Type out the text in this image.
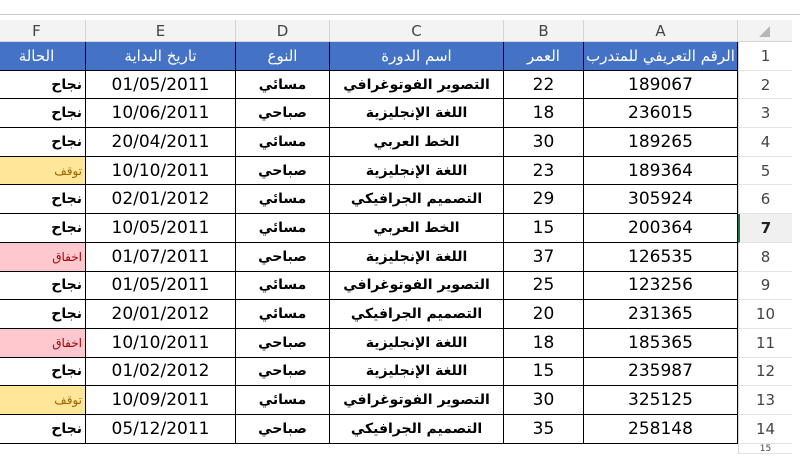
F	E	D	C	B	A
الحالة	تاريخ البداية	النوع	اسم الدورة	العمر	الرقم التعريفي للمتدرب	1
نجاح	01/05/2011	مسائي	التصوير الفوتوغرافي	22	189067	2
نجاح	10/06/2011	صباحي	اللغة الإنجليزية	18	236015	3
نجاح	20/04/2011	مسائي	الخط العربي	30	189265	4
توقف	10/10/2011	صباحي	اللغة الإنجليزية	23	189364	5
نجاح	02/01/2012	مسائي	التصميم الجرافيكي	29	305924	6
نجاح	10/05/2011	مسائي	الخط العربي	15	200364	7
اخفاق	01/07/2011	صباحي	اللغة الإنجليزية	37	126535	8
نجاح	01/05/2011	مسائي	التصوير الفوتوغرافي	25	123256	9
نجاح	20/01/2012	مسائي	التصميم الجرافيكي	20	231365	10
اخفاق	10/10/2011	صباحي	اللغة الإنجليزية	18	185365	11
نجاح	01/02/2012	صباحي	اللغة الإنجليزية	15	235987	12
توقف	10/09/2011	مسائي	التصوير الفوتوغرافي	30	325125	13
نجاح	05/12/2011	صباحي	التصميم الجرافيكي	35	258148	14
15
